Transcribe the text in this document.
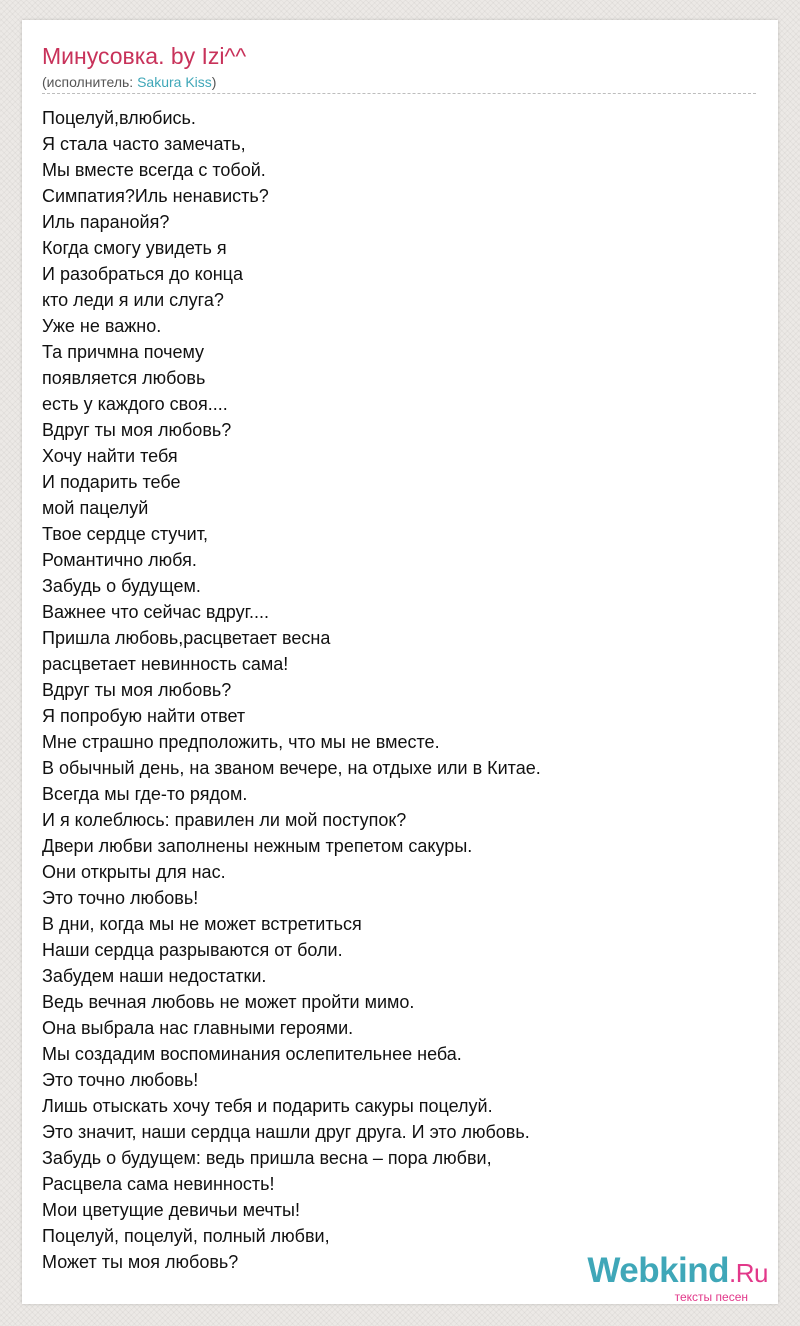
Минусовка. by Izi^^
(исполнитель: Sakura Kiss)
Поцелуй,влюбись.
Я стала часто замечать,
Мы вместе всегда с тобой.
Симпатия?Иль ненависть?
Иль паранойя?
Когда смогу увидеть я
И разобраться до конца
кто леди я или слуга?
Уже не важно.
Та причмна почему
появляется любовь
есть у каждого своя....
Вдруг ты моя любовь?
Хочу найти тебя
И подарить тебе
мой пацелуй
Твое сердце стучит,
Романтично любя.
Забудь о будущем.
Важнее что сейчас вдруг....
Пришла любовь,расцветает весна
расцветает невинность сама!
Вдруг ты моя любовь?
Я попробую найти ответ
Мне страшно предположить, что мы не вместе.
В обычный день, на званом вечере, на отдыхе или в Китае.
Всегда мы где-то рядом.
И я колеблюсь: правилен ли мой поступок?
Двери любви заполнены нежным трепетом сакуры.
Они открыты для нас.
Это точно любовь!
В дни, когда мы не может встретиться
Наши сердца разрываются от боли.
Забудем наши недостатки.
Ведь вечная любовь не может пройти мимо.
Она выбрала нас главными героями.
Мы создадим воспоминания ослепительнее неба.
Это точно любовь!
Лишь отыскать хочу тебя и подарить сакуры поцелуй.
Это значит, наши сердца нашли друг друга. И это любовь.
Забудь о будущем: ведь пришла весна – пора любви,
Расцвела сама невинность!
Мои цветущие девичьи мечты!
Поцелуй, поцелуй, полный любви,
Может ты моя любовь?	Webkind.Ru
тексты песен
